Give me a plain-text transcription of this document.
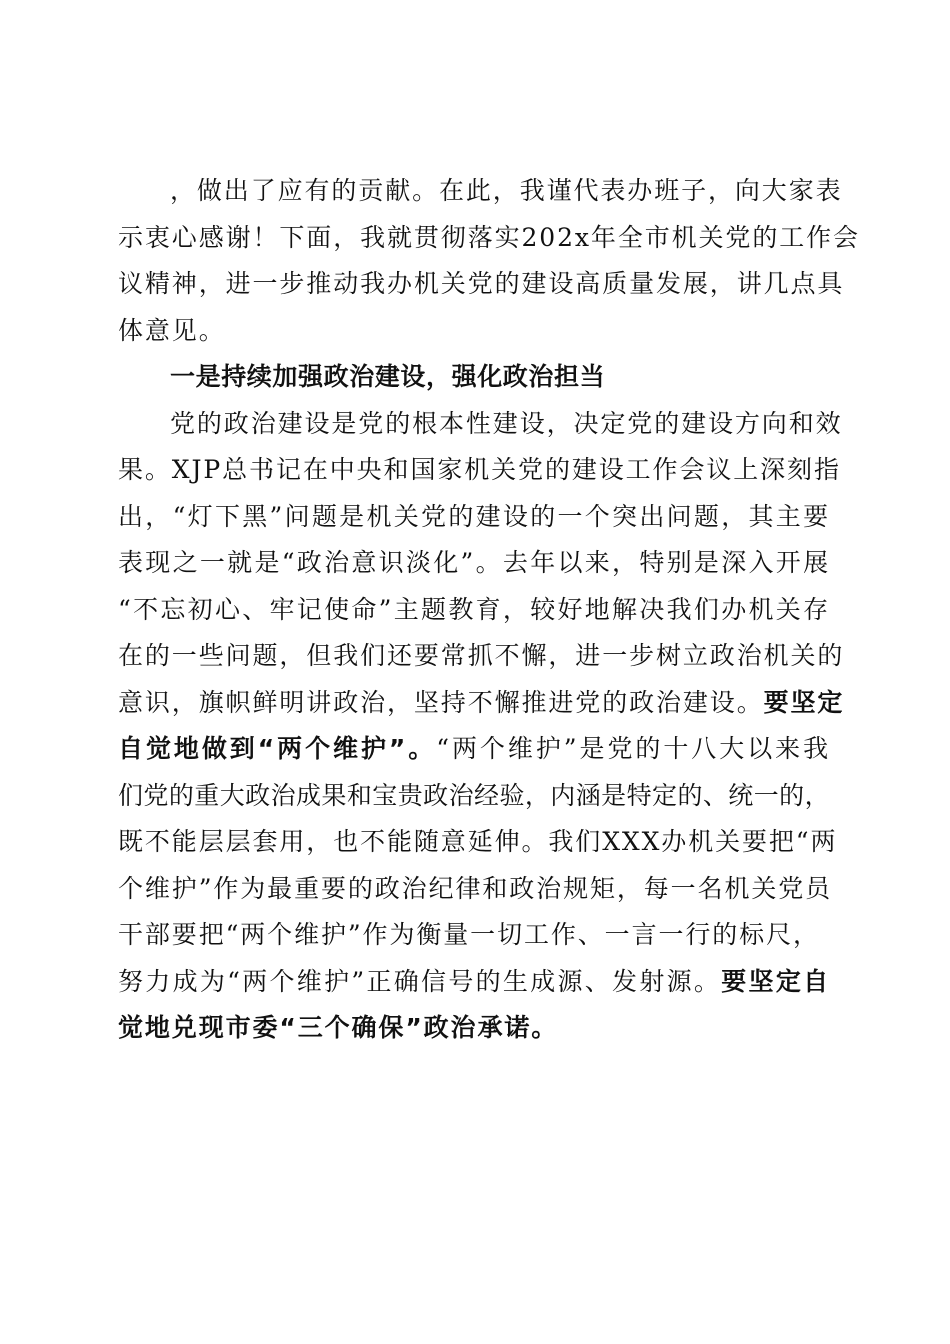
，做出了应有的贡献。在此，我谨代表办班子，向大家表
示衷心感谢！下面，我就贯彻落实202x年全市机关党的工作会
议精神，进一步推动我办机关党的建设高质量发展，讲几点具
体意见。
一是持续加强政治建设，强化政治担当
党的政治建设是党的根本性建设，决定党的建设方向和效
果。XJP总书记在中央和国家机关党的建设工作会议上深刻指
出，“灯下黑”问题是机关党的建设的一个突出问题，其主要
表现之一就是“政治意识淡化”。去年以来，特别是深入开展
“不忘初心、牢记使命”主题教育，较好地解决我们办机关存
在的一些问题，但我们还要常抓不懈，进一步树立政治机关的
意识，旗帜鲜明讲政治，坚持不懈推进党的政治建设。要坚定
自觉地做到“两个维护”。“两个维护”是党的十八大以来我
们党的重大政治成果和宝贵政治经验，内涵是特定的、统一的，
既不能层层套用，也不能随意延伸。我们XXX办机关要把“两
个维护”作为最重要的政治纪律和政治规矩，每一名机关党员
干部要把“两个维护”作为衡量一切工作、一言一行的标尺，
努力成为“两个维护”正确信号的生成源、发射源。要坚定自
觉地兑现市委“三个确保”政治承诺。
